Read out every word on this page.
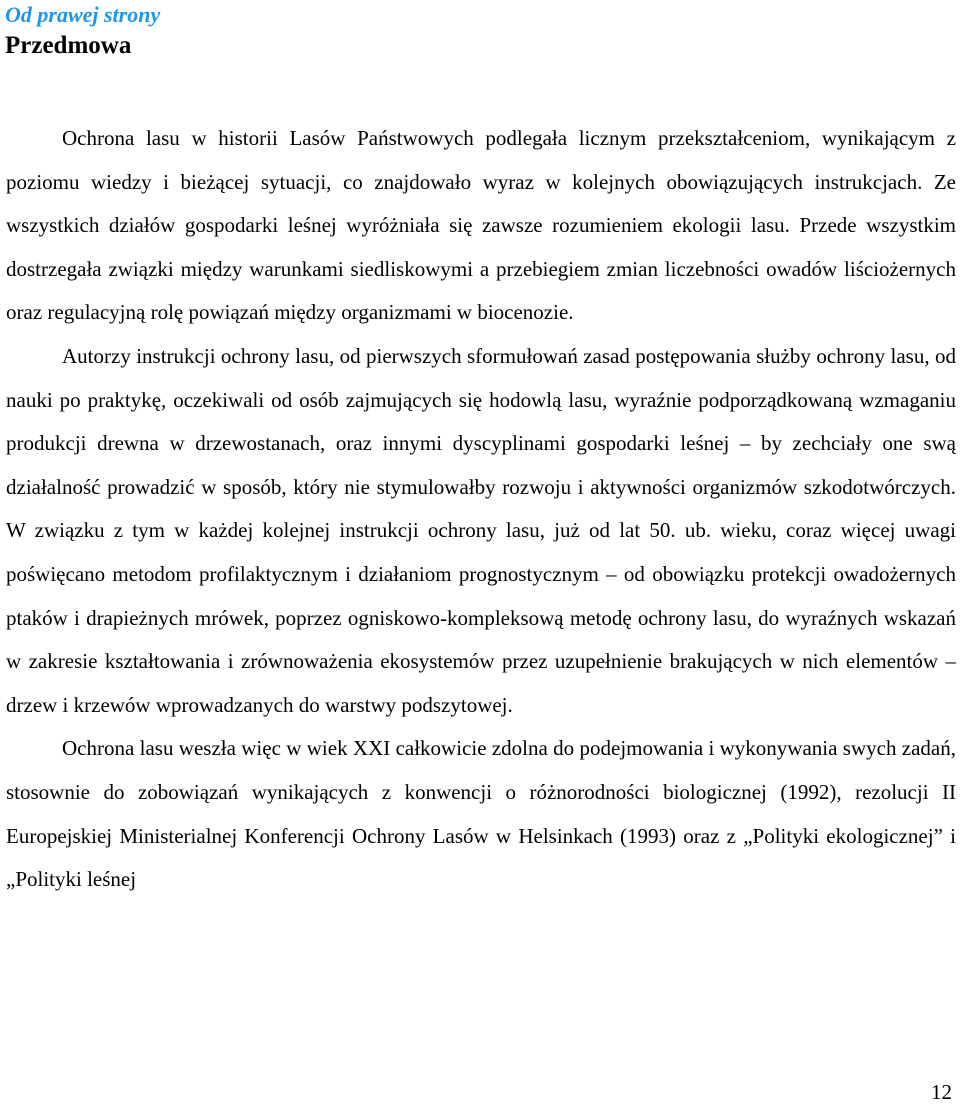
Od prawej strony
Przedmowa

Ochrona lasu w historii Lasów Państwowych podlegała licznym przekształceniom, wynikającym z poziomu wiedzy i bieżącej sytuacji, co znajdowało wyraz w kolejnych obowiązujących instrukcjach. Ze wszystkich działów gospodarki leśnej wyróżniała się zawsze rozumieniem ekologii lasu. Przede wszystkim dostrzegała związki między warunkami siedliskowymi a przebiegiem zmian liczebności owadów liściożernych oraz regulacyjną rolę powiązań między organizmami w biocenozie.

Autorzy instrukcji ochrony lasu, od pierwszych sformułowań zasad postępowania służby ochrony lasu, od nauki po praktykę, oczekiwali od osób zajmujących się hodowlą lasu, wyraźnie podporządkowaną wzmaganiu produkcji drewna w drzewostanach, oraz innymi dyscyplinami gospodarki leśnej – by zechciały one swą działalność prowadzić w sposób, który nie stymulowałby rozwoju i aktywności organizmów szkodotwórczych. W związku z tym w każdej kolejnej instrukcji ochrony lasu, już od lat 50. ub. wieku, coraz więcej uwagi poświęcano metodom profilaktycznym i działaniom prognostycznym – od obowiązku protekcji owadożernych ptaków i drapieżnych mrówek, poprzez ogniskowo-kompleksową metodę ochrony lasu, do wyraźnych wskazań w zakresie kształtowania i zrównoważenia ekosystemów przez uzupełnienie brakujących w nich elementów – drzew i krzewów wprowadzanych do warstwy podszytowej.

Ochrona lasu weszła więc w wiek XXI całkowicie zdolna do podejmowania i wykonywania swych zadań, stosownie do zobowiązań wynikających z konwencji o różnorodności biologicznej (1992), rezolucji II Europejskiej Ministerialnej Konferencji Ochrony Lasów w Helsinkach (1993) oraz z „Polityki ekologicznej” i „Polityki leśnej

12
